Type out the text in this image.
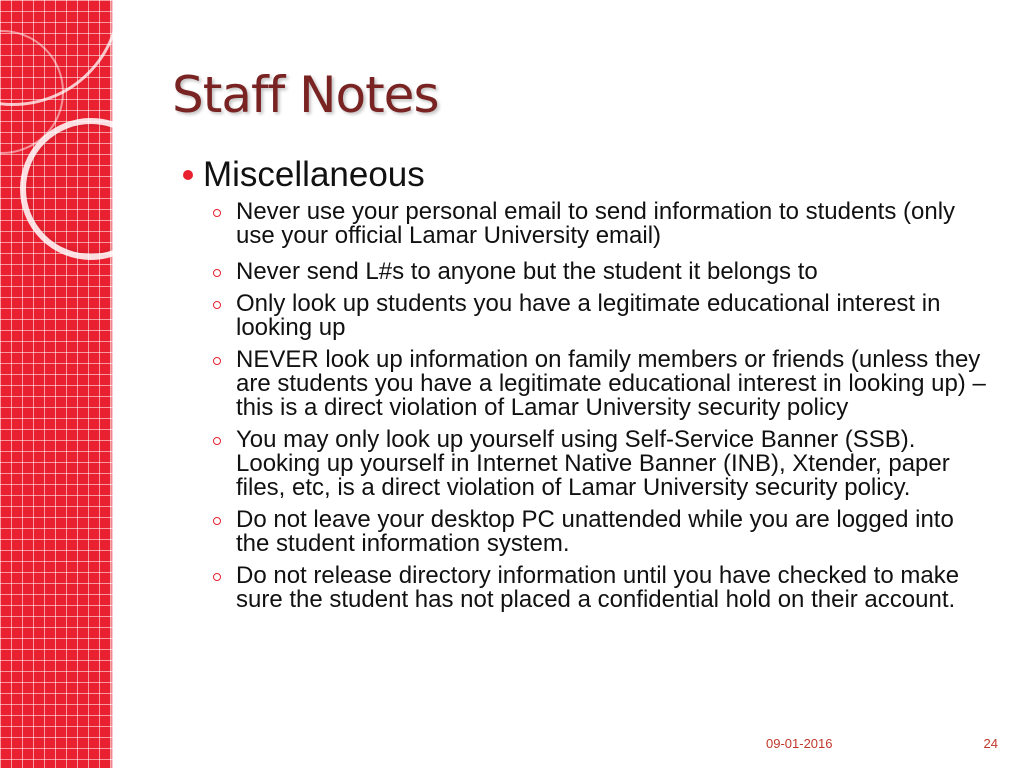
Staff Notes
Miscellaneous
Never use your personal email to send information to students (only use your official Lamar University email)
Never send L#s to anyone but the student it belongs to
Only look up students you have a legitimate educational interest in looking up
NEVER look up information on family members or friends (unless they are students you have a legitimate educational interest in looking up) – this is a direct violation of Lamar University security policy
You may only look up yourself using Self-Service Banner (SSB). Looking up yourself in Internet Native Banner (INB), Xtender, paper files, etc, is a direct violation of Lamar University security policy.
Do not leave your desktop PC unattended while you are logged into the student information system.
Do not release directory information until you have checked to make sure the student has not placed a confidential hold on their account.
09-01-2016	24
